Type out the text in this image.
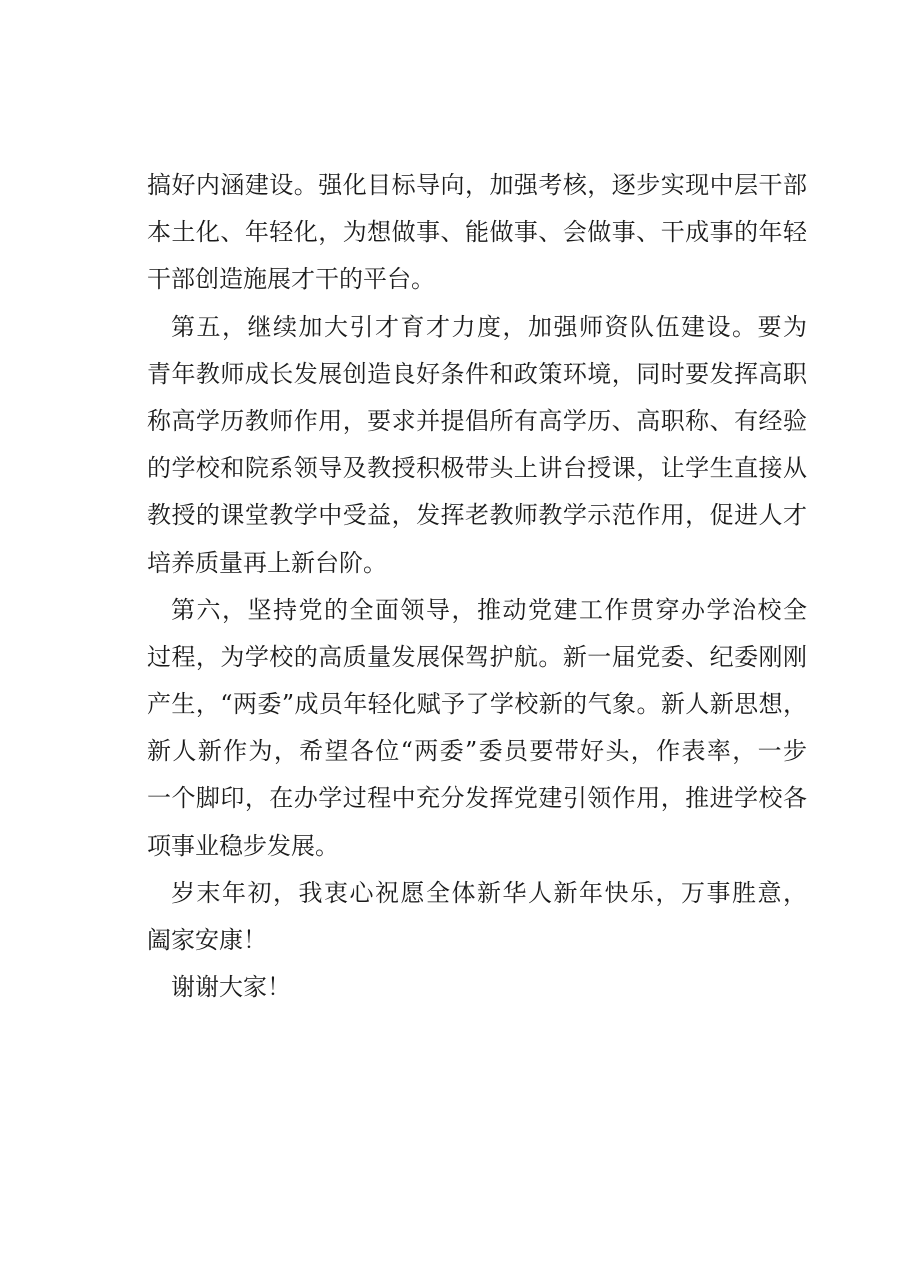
搞好内涵建设。强化目标导向，加强考核，逐步实现中层干部
本土化、年轻化，为想做事、能做事、会做事、干成事的年轻
干部创造施展才干的平台。
第五，继续加大引才育才力度，加强师资队伍建设。要为
青年教师成长发展创造良好条件和政策环境，同时要发挥高职
称高学历教师作用，要求并提倡所有高学历、高职称、有经验
的学校和院系领导及教授积极带头上讲台授课，让学生直接从
教授的课堂教学中受益，发挥老教师教学示范作用，促进人才
培养质量再上新台阶。
第六，坚持党的全面领导，推动党建工作贯穿办学治校全
过程，为学校的高质量发展保驾护航。新一届党委、纪委刚刚
产生，“两委”成员年轻化赋予了学校新的气象。新人新思想，
新人新作为，希望各位“两委”委员要带好头，作表率，一步
一个脚印，在办学过程中充分发挥党建引领作用，推进学校各
项事业稳步发展。
岁末年初，我衷心祝愿全体新华人新年快乐，万事胜意，
阖家安康！
谢谢大家！
